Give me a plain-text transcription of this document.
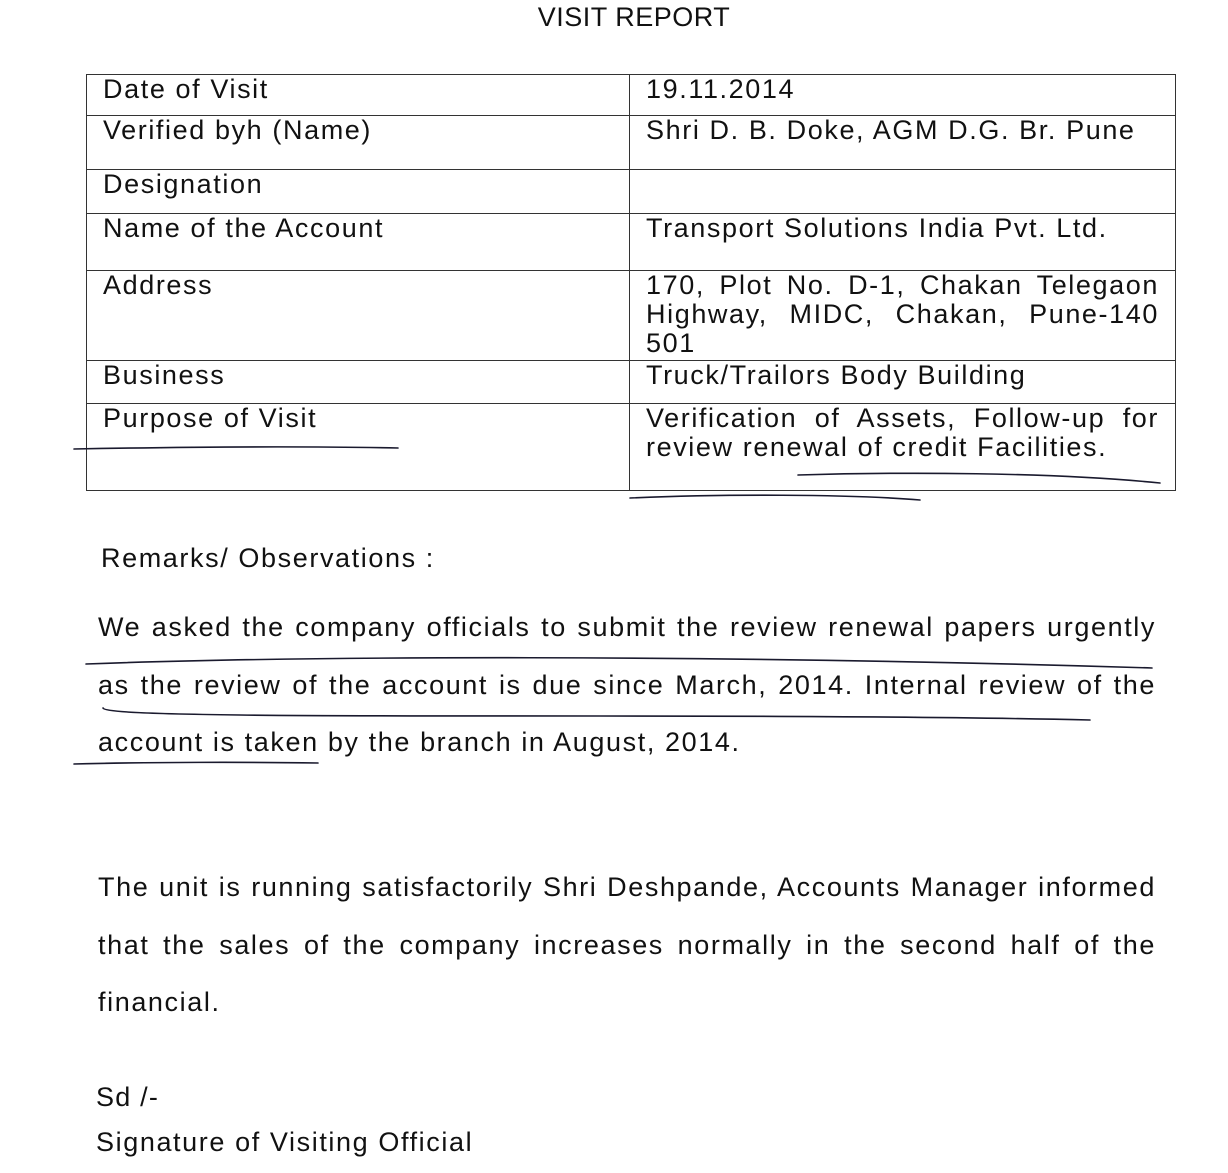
VISIT REPORT
Date of Visit	19.11.2014
Verified byh (Name)	Shri D. B. Doke, AGM D.G. Br. Pune
Designation	
Name of the Account	Transport Solutions India Pvt. Ltd.
Address	170, Plot No. D-1, Chakan Telegaon Highway, MIDC, Chakan, Pune-140 501
Business	Truck/Trailors Body Building
Purpose of Visit	Verification of Assets, Follow-up for review renewal of credit Facilities.
Remarks/ Observations :
We asked the company officials to submit the review renewal papers urgently as the review of the account is due since March, 2014. Internal review of the account is taken by the branch in August, 2014.
The unit is running satisfactorily Shri Deshpande, Accounts Manager informed that the sales of the company increases normally in the second half of the financial.
Sd /-
Signature of Visiting Official
